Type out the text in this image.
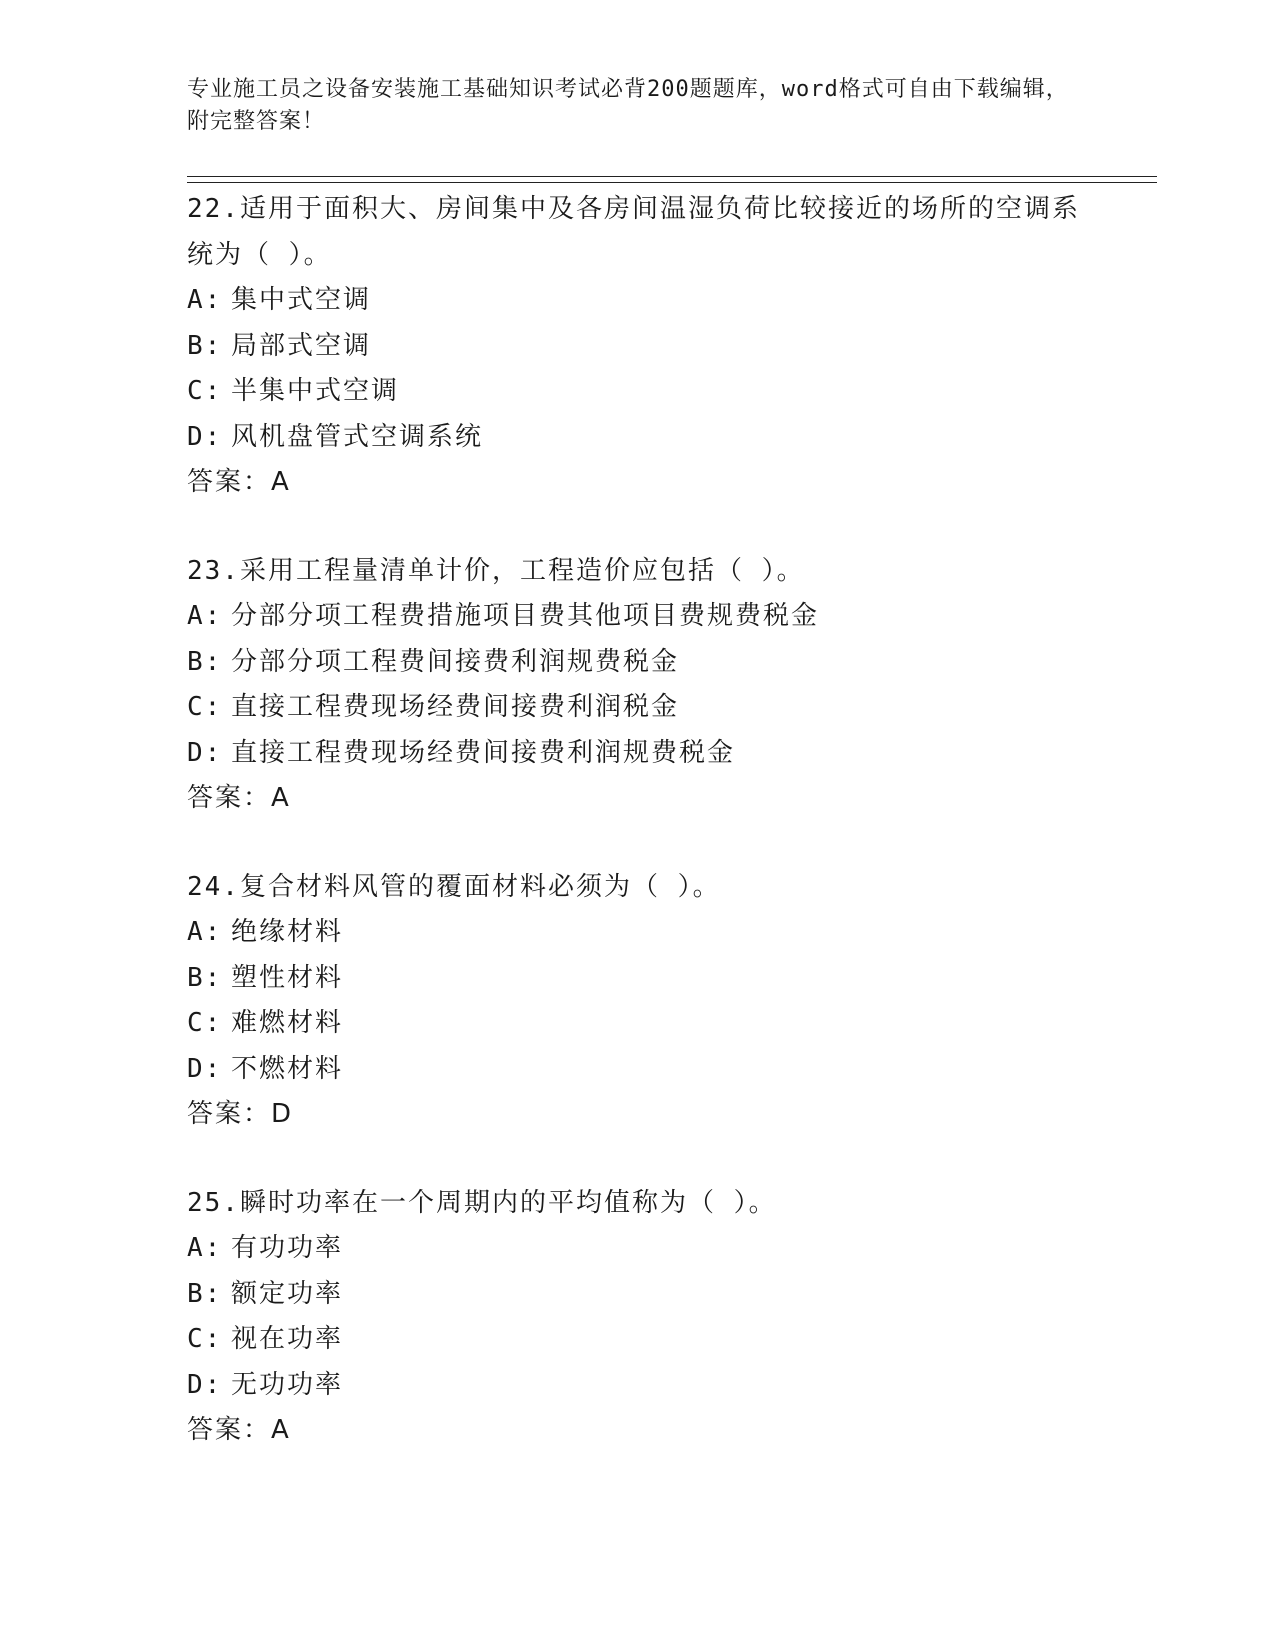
专业施工员之设备安装施工基础知识考试必背200题题库，word格式可自由下载编辑，附完整答案！
22.适用于面积大、房间集中及各房间温湿负荷比较接近的场所的空调系统为（ ）。
A: 集中式空调
B: 局部式空调
C: 半集中式空调
D: 风机盘管式空调系统
答案：A
23.采用工程量清单计价，工程造价应包括（ ）。
A: 分部分项工程费措施项目费其他项目费规费税金
B: 分部分项工程费间接费利润规费税金
C: 直接工程费现场经费间接费利润税金
D: 直接工程费现场经费间接费利润规费税金
答案：A
24.复合材料风管的覆面材料必须为（ ）。
A: 绝缘材料
B: 塑性材料
C: 难燃材料
D: 不燃材料
答案：D
25.瞬时功率在一个周期内的平均值称为（ ）。
A: 有功功率
B: 额定功率
C: 视在功率
D: 无功功率
答案：A
